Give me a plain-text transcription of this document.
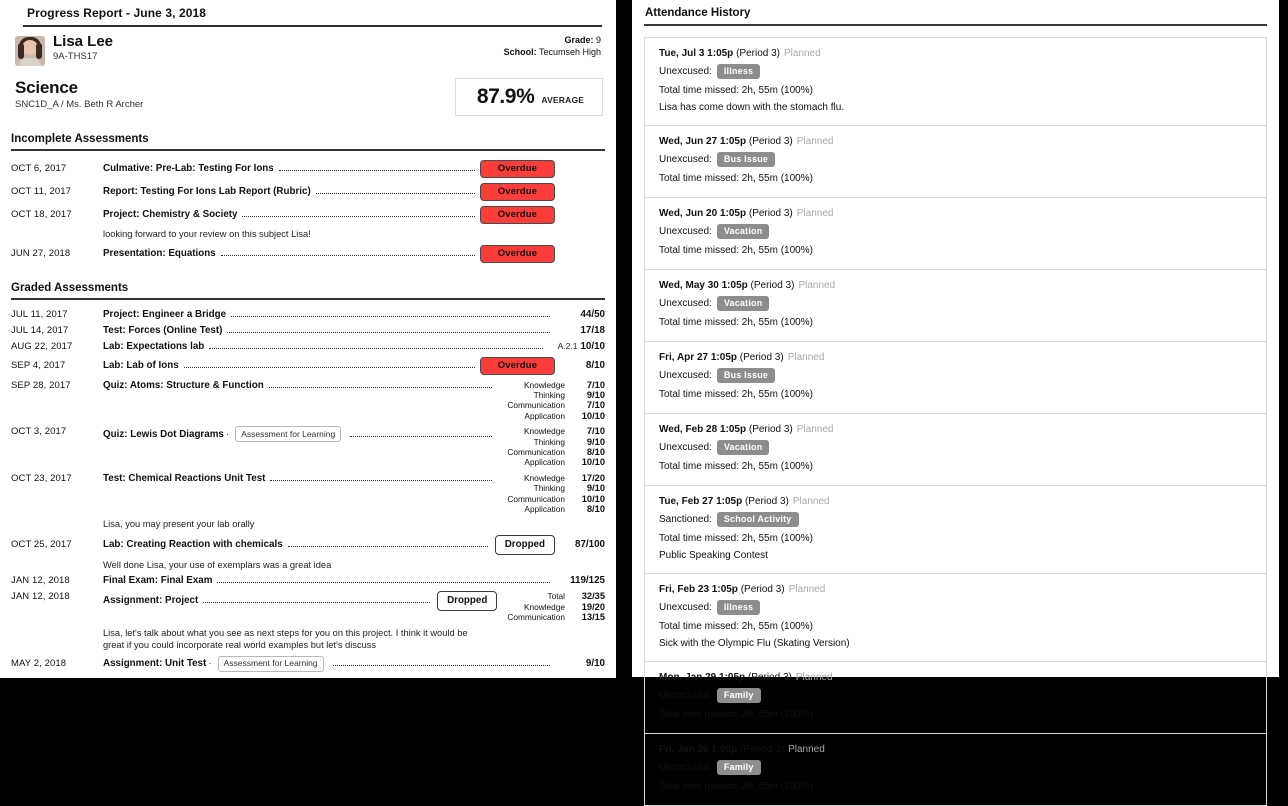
Progress Report - June 3, 2018
Lisa Lee
9A-THS17
Grade: 9
School: Tecumseh High
Science
SNC1D_A / Ms. Beth R Archer	87.9% AVERAGE
Incomplete Assessments
OCT 6, 2017	Culmative: Pre-Lab: Testing For Ions	Overdue
OCT 11, 2017	Report: Testing For Ions Lab Report (Rubric)	Overdue
OCT 18, 2017	Project: Chemistry & Society	Overdue
looking forward to your review on this subject Lisa!
JUN 27, 2018	Presentation: Equations	Overdue
Graded Assessments
JUL 11, 2017	Project: Engineer a Bridge	44/50
JUL 14, 2017	Test: Forces (Online Test)	17/18
AUG 22, 2017	Lab: Expectations lab	A.2.1 10/10
SEP 4, 2017	Lab: Lab of Ions	Overdue	8/10
SEP 28, 2017	Quiz: Atoms: Structure & Function	Knowledge	7/10
Thinking	9/10
Communication	7/10
Application	10/10
OCT 3, 2017	Quiz: Lewis Dot Diagrams ·	Assessment for Learning	Knowledge	7/10
Thinking	9/10
Communication	8/10
Application	10/10
OCT 23, 2017	Test: Chemical Reactions Unit Test	Knowledge	17/20
Thinking	9/10
Communication	10/10
Application	8/10
Lisa, you may present your lab orally
OCT 25, 2017	Lab: Creating Reaction with chemicals	Dropped	87/100
Well done Lisa, your use of exemplars was a great idea
JAN 12, 2018	Final Exam: Final Exam	119/125
JAN 12, 2018	Assignment: Project	Dropped	Total	32/35
Knowledge	19/20
Communication	13/15
Lisa, let's talk about what you see as next steps for you on this project. I think it would be great if you could incorporate real world examples but let's discuss
MAY 2, 2018	Assignment: Unit Test ·	Assessment for Learning	9/10
Attendance History
Tue, Jul 3 1:05p (Period 3) Planned
Unexcused: Illness
Total time missed: 2h, 55m (100%)
Lisa has come down with the stomach flu.
Wed, Jun 27 1:05p (Period 3) Planned
Unexcused: Bus Issue
Total time missed: 2h, 55m (100%)
Wed, Jun 20 1:05p (Period 3) Planned
Unexcused: Vacation
Total time missed: 2h, 55m (100%)
Wed, May 30 1:05p (Period 3) Planned
Unexcused: Vacation
Total time missed: 2h, 55m (100%)
Fri, Apr 27 1:05p (Period 3) Planned
Unexcused: Bus Issue
Total time missed: 2h, 55m (100%)
Wed, Feb 28 1:05p (Period 3) Planned
Unexcused: Vacation
Total time missed: 2h, 55m (100%)
Tue, Feb 27 1:05p (Period 3) Planned
Sanctioned: School Activity
Total time missed: 2h, 55m (100%)
Public Speaking Contest
Fri, Feb 23 1:05p (Period 3) Planned
Unexcused: Illness
Total time missed: 2h, 55m (100%)
Sick with the Olympic Flu (Skating Version)
Mon, Jan 29 1:05p (Period 3) Planned
Unexcused: Family
Total time missed: 2h, 55m (100%)
Fri, Jan 26 1:05p (Period 3) Planned
Unexcused: Family
Total time missed: 2h, 55m (100%)
